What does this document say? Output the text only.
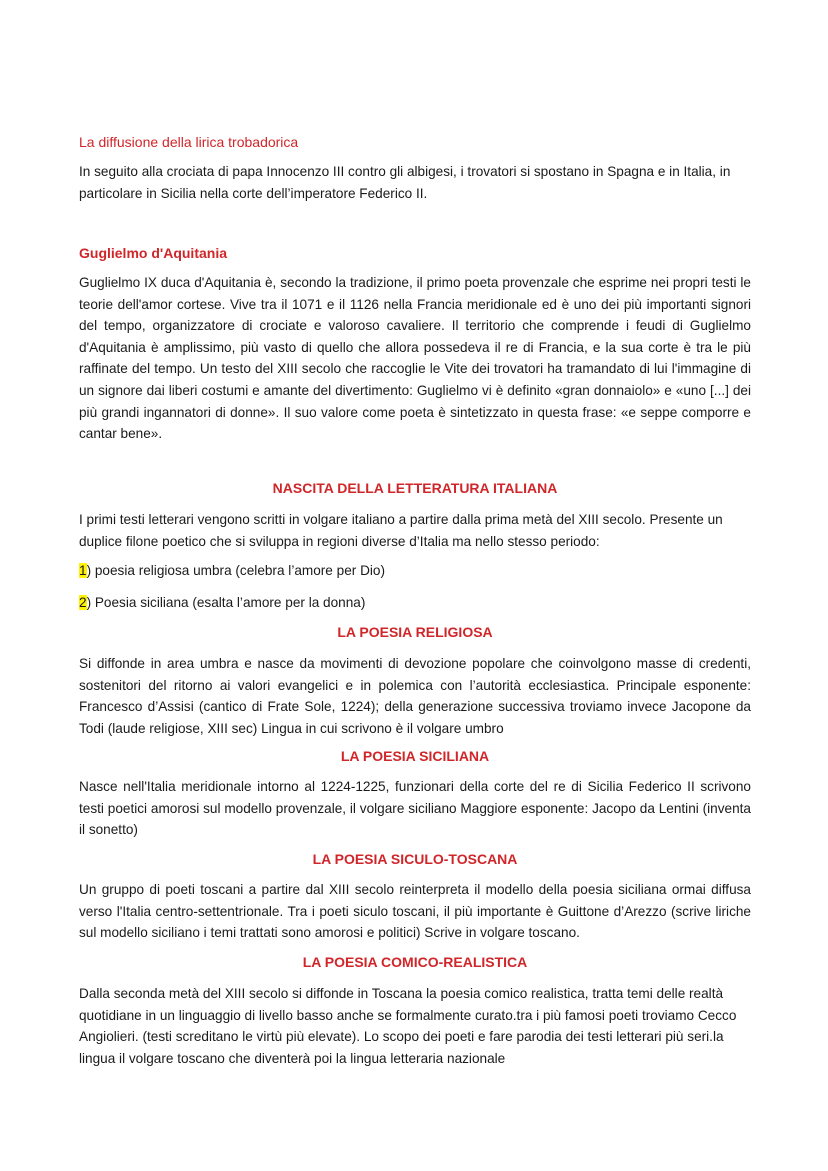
La diffusione della lirica trobadorica

In seguito alla crociata di papa Innocenzo III contro gli albigesi, i trovatori si spostano in Spagna e in Italia, in particolare in Sicilia nella corte dell’imperatore Federico II.

Guglielmo d'Aquitania

Guglielmo IX duca d'Aquitania è, secondo la tradizione, il primo poeta provenzale che esprime nei propri testi le teorie dell'amor cortese. Vive tra il 1071 e il 1126 nella Francia meridionale ed è uno dei più importanti signori del tempo, organizzatore di crociate e valoroso cavaliere. Il territorio che comprende i feudi di Guglielmo d'Aquitania è amplissimo, più vasto di quello che allora possedeva il re di Francia, e la sua corte è tra le più raffinate del tempo. Un testo del XIII secolo che raccoglie le Vite dei trovatori ha tramandato di lui l'immagine di un signore dai liberi costumi e amante del divertimento: Guglielmo vi è definito «gran donnaiolo» e «uno [...] dei più grandi ingannatori di donne». Il suo valore come poeta è sintetizzato in questa frase: «e seppe comporre e cantar bene».

NASCITA DELLA LETTERATURA ITALIANA

I primi testi letterari vengono scritti in volgare italiano a partire dalla prima metà del XIII secolo. Presente un duplice filone poetico che si sviluppa in regioni diverse d’Italia ma nello stesso periodo:

1) poesia religiosa umbra (celebra l’amore per Dio)

2) Poesia siciliana (esalta l’amore per la donna)

LA POESIA RELIGIOSA

Si diffonde in area umbra e nasce da movimenti di devozione popolare che coinvolgono masse di credenti, sostenitori del ritorno ai valori evangelici e in polemica con l’autorità ecclesiastica. Principale esponente: Francesco d’Assisi (cantico di Frate Sole, 1224); della generazione successiva troviamo invece Jacopone da Todi (laude religiose, XIII sec) Lingua in cui scrivono è il volgare umbro

LA POESIA SICILIANA

Nasce nell'Italia meridionale intorno al 1224-1225, funzionari della corte del re di Sicilia Federico II scrivono testi poetici amorosi sul modello provenzale, il volgare siciliano Maggiore esponente: Jacopo da Lentini (inventa il sonetto)

LA POESIA SICULO-TOSCANA

Un gruppo di poeti toscani a partire dal XIII secolo reinterpreta il modello della poesia siciliana ormai diffusa verso l'Italia centro-settentrionale. Tra i poeti siculo toscani, il più importante è Guittone d’Arezzo (scrive liriche sul modello siciliano i temi trattati sono amorosi e politici) Scrive in volgare toscano.

LA POESIA COMICO-REALISTICA

Dalla seconda metà del XIII secolo si diffonde in Toscana la poesia comico realistica, tratta temi delle realtà quotidiane in un linguaggio di livello basso anche se formalmente curato.tra i più famosi poeti troviamo Cecco Angiolieri. (testi screditano le virtù più elevate). Lo scopo dei poeti e fare parodia dei testi letterari più seri.la lingua il volgare toscano che diventerà poi la lingua letteraria nazionale
